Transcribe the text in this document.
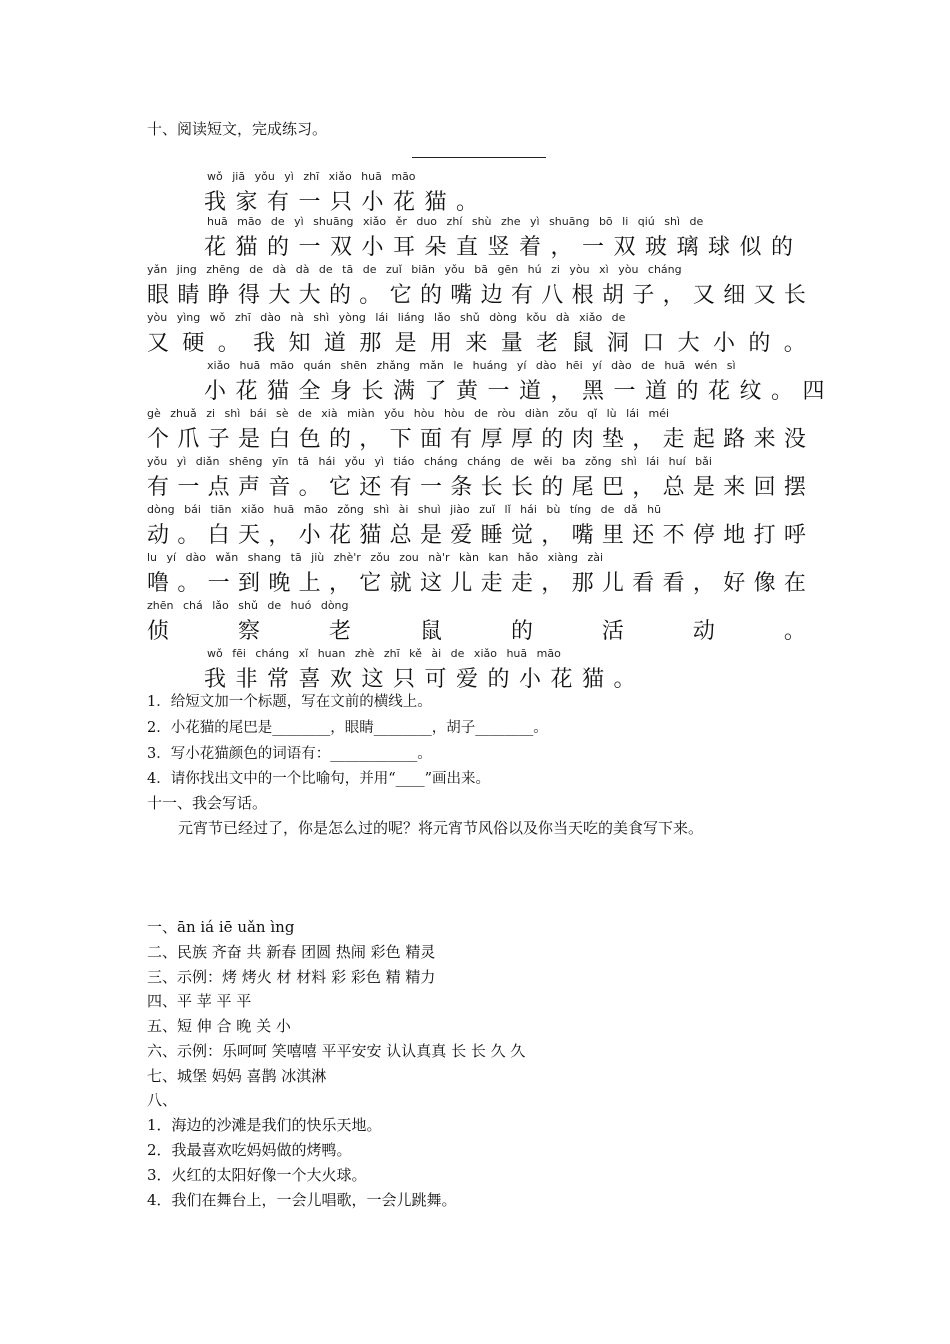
十、阅读短文，完成练习。
wǒ jiā yǒu yì zhī xiǎo huā māo
我家有一只小花猫。
huā māo de yì shuāng xiǎo ěr duo zhí shù zhe yì shuāng bō li qiú shì de
花猫的一双小耳朵直竖着，一双玻璃球似的
yǎn jing zhēng de dà dà de tā de zuǐ biān yǒu bā gēn hú zi yòu xì yòu cháng
眼 睛 睁 得 大 大 的 。 它 的 嘴 边 有 八 根 胡 子 ， 又 细 又 长
yòu yìng wǒ zhī dào nà shì yòng lái liáng lǎo shǔ dòng kǒu dà xiǎo de
又 硬 。 我 知 道 那 是 用 来 量 老 鼠 洞 口 大 小 的 。
xiǎo huā māo quán shēn zhǎng mǎn le huáng yí dào hēi yí dào de huā wén sì
小花猫全身长满了黄一道，黑一道的花纹。四
gè zhuǎ zi shì bái sè de xià miàn yǒu hòu hòu de ròu diàn zǒu qǐ lù lái méi
个 爪 子 是 白 色 的 ， 下 面 有 厚 厚 的 肉 垫 ， 走 起 路 来 没
yǒu yì diǎn shēng yīn tā hái yǒu yì tiáo cháng cháng de wěi ba zǒng shì lái huí bǎi
有 一 点 声 音 。 它 还 有 一 条 长 长 的 尾 巴 ， 总 是 来 回 摆
dòng bái tiān xiǎo huā māo zǒng shì ài shuì jiào zuǐ lǐ hái bù tíng de dǎ hū
动 。 白 天 ， 小 花 猫 总 是 爱 睡 觉 ， 嘴 里 还 不 停 地 打 呼
lu yí dào wǎn shang tā jiù zhè'r zǒu zou nà'r kàn kan hǎo xiàng zài
噜 。 一 到 晚 上 ， 它 就 这 儿 走 走 ， 那 儿 看 看 ， 好 像 在
zhēn chá lǎo shǔ de huó dòng
侦	察	老	鼠	的	活	动	。
wǒ fēi cháng xǐ huan zhè zhī kě ài de xiǎo huā māo
我非常喜欢这只可爱的小花猫。
1．给短文加一个标题，写在文前的横线上。
2．小花猫的尾巴是________，眼睛________，胡子________。
3．写小花猫颜色的词语有：____________。
4．请你找出文中的一个比喻句，并用“____”画出来。
十一、我会写话。
元宵节已经过了，你是怎么过的呢？将元宵节风俗以及你当天吃的美食写下来。
一、ān iá iē uǎn ìng
二、民族 齐奋 共 新春 团圆 热闹 彩色 精灵
三、示例：烤 烤火 材 材料 彩 彩色 精 精力
四、平 苹 平 平
五、短 伸 合 晚 关 小
六、示例：乐呵呵 笑嘻嘻 平平安安 认认真真 长 长 久 久
七、城堡 妈妈 喜鹊 冰淇淋
八、
1．海边的沙滩是我们的快乐天地。
2．我最喜欢吃妈妈做的烤鸭。
3．火红的太阳好像一个大火球。
4．我们在舞台上，一会儿唱歌，一会儿跳舞。
